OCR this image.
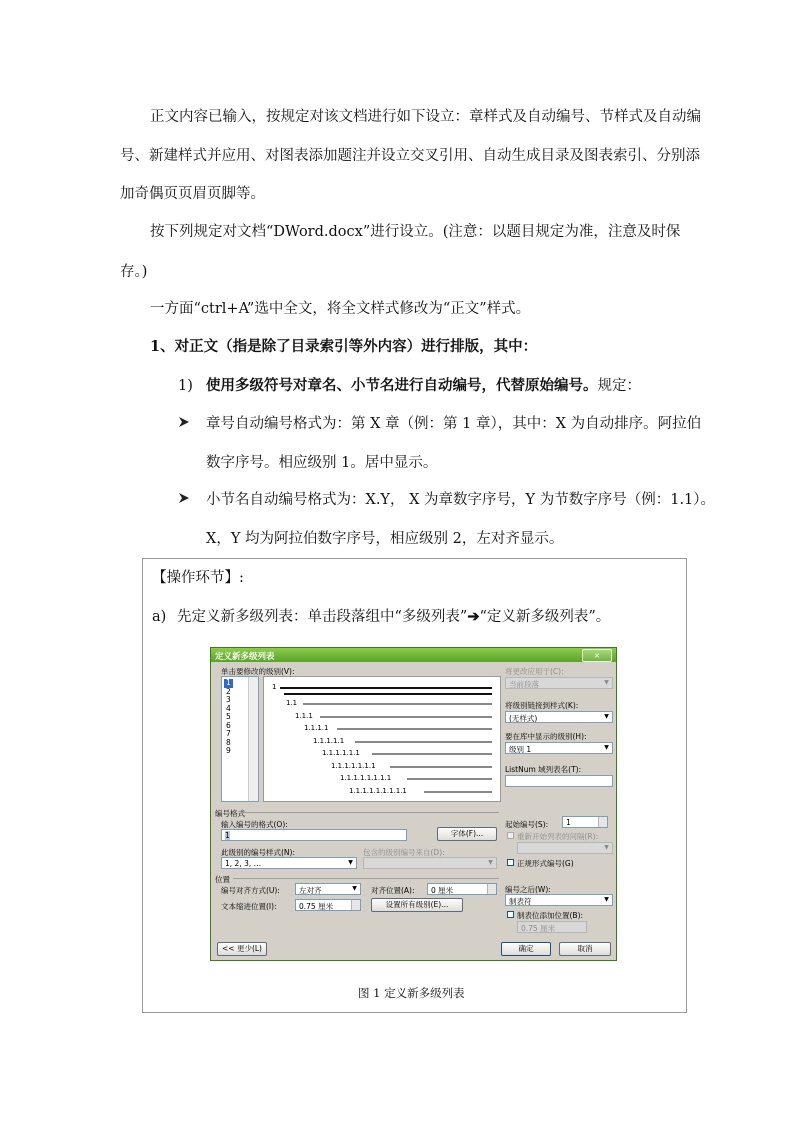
正文内容已输入，按规定对该文档进行如下设立：章样式及自动编号、节样式及自动编
号、新建样式并应用、对图表添加题注并设立交叉引用、自动生成目录及图表索引、分别添
加奇偶页页眉页脚等。
按下列规定对文档“DWord.docx”进行设立。(注意：以题目规定为准，注意及时保
存。)
一方面“ctrl+A”选中全文，将全文样式修改为“正文”样式。
1、对正文（指是除了目录索引等外内容）进行排版，其中：
1) 使用多级符号对章名、小节名进行自动编号，代替原始编号。规定：
章号自动编号格式为：第 X 章（例：第 1 章），其中：X 为自动排序。阿拉伯
数字序号。相应级别 1。居中显示。
小节名自动编号格式为：X.Y， X 为章数字序号，Y 为节数字序号（例：1.1）。
X，Y 均为阿拉伯数字序号，相应级别 2，左对齐显示。
【操作环节】:
a) 先定义新多级列表：单击段落组中“多级列表”➔“定义新多级列表”。
定义新多级列表	×
单击要修改的级别(V):
1
2
3
4
5
6
7
8
9
1
1.1
1.1.1
1.1.1.1
1.1.1.1.1
1.1.1.1.1.1
1.1.1.1.1.1.1
1.1.1.1.1.1.1.1
1.1.1.1.1.1.1.1.1
将更改应用于(C):
当前段落	▼
将级别链接到样式(K):
(无样式)	▼
要在库中显示的级别(H):
级别 1	▼
ListNum 域列表名(T):
编号格式
输入编号的格式(O):
1	字体(F)...
此级别的编号样式(N):
1, 2, 3, …	▼
包含的级别编号来自(D):
▼
起始编号(S): 1
重新开始列表的间隔(R):
▼
正规形式编号(G)
位置
编号对齐方式(U):	左对齐	▼ 对齐位置(A): 0 厘米
文本缩进位置(I):	0.75 厘米	设置所有级别(E)...
编号之后(W):
制表符	▼
制表位添加位置(B):
0.75 厘米
<< 更少(L)	确定	取消
图 1 定义新多级列表
